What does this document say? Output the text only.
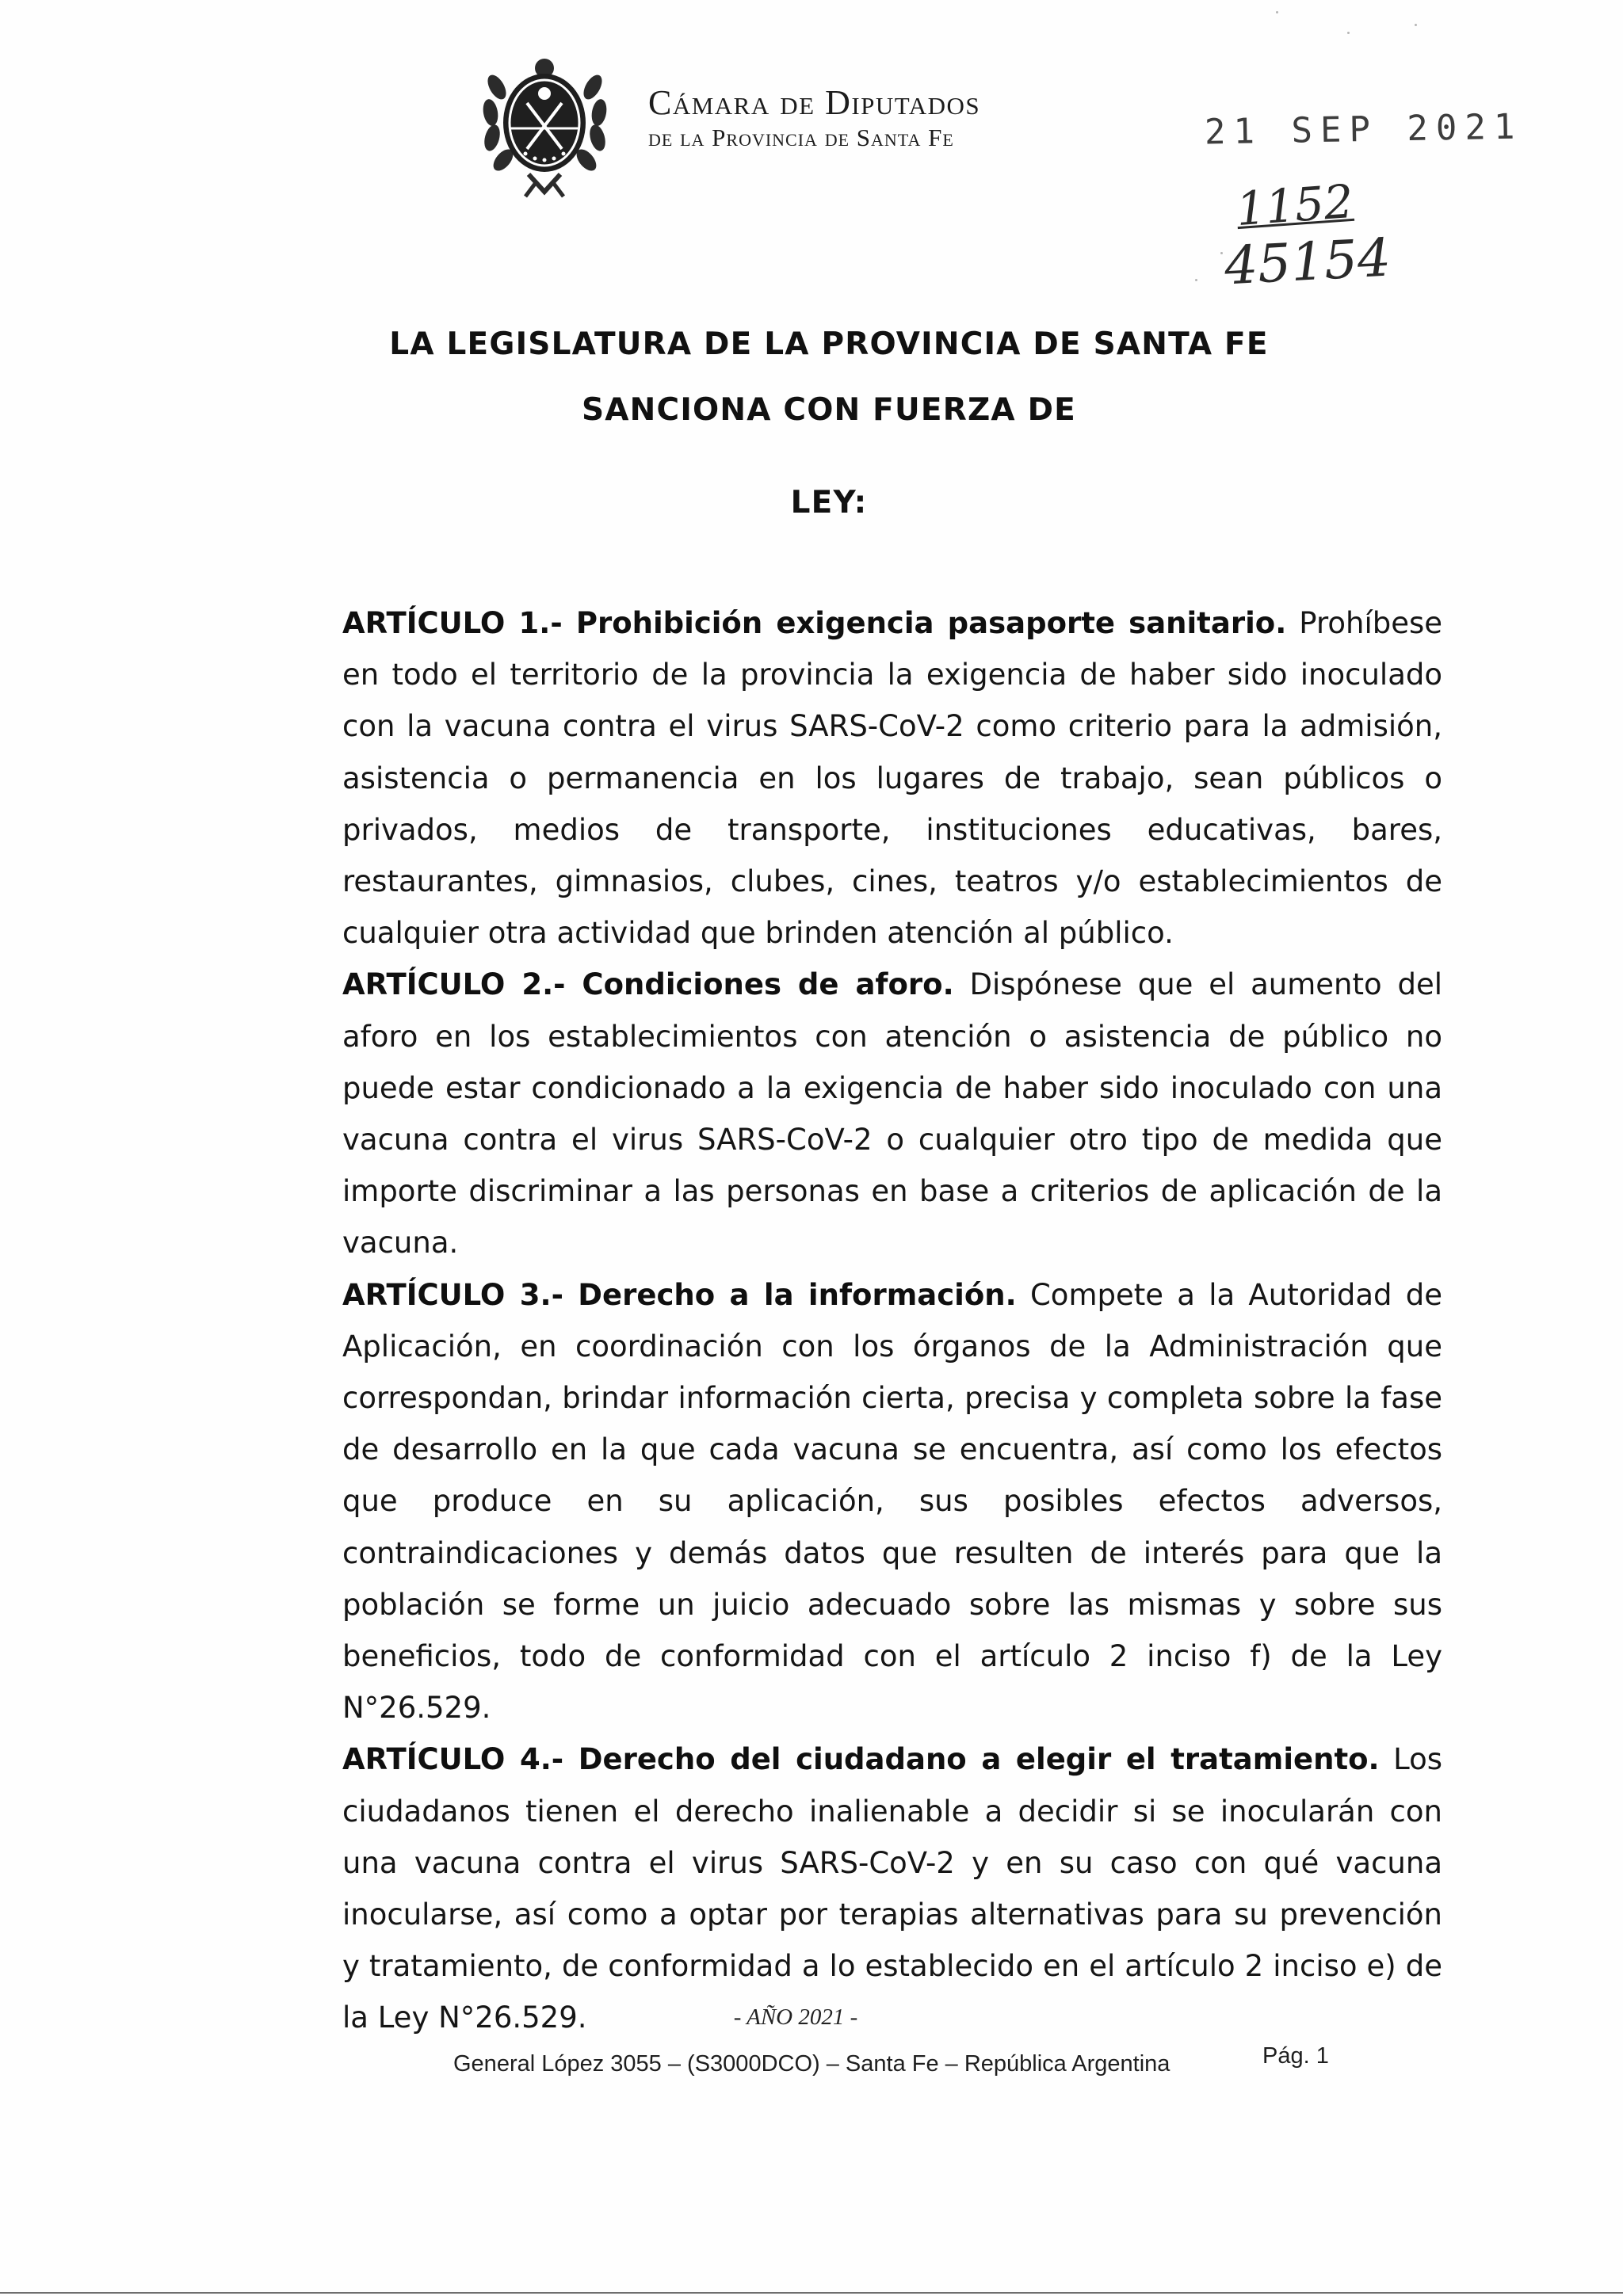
Cámara de Diputados
de la Provincia de Santa Fe	21 SEP 2021
1152
45154
LA LEGISLATURA DE LA PROVINCIA DE SANTA FE
SANCIONA CON FUERZA DE
LEY:

ARTÍCULO 1.- Prohibición exigencia pasaporte sanitario. Prohíbese en todo el territorio de la provincia la exigencia de haber sido inoculado con la vacuna contra el virus SARS-CoV-2 como criterio para la admisión, asistencia o permanencia en los lugares de trabajo, sean públicos o privados, medios de transporte, instituciones educativas, bares, restaurantes, gimnasios, clubes, cines, teatros y/o establecimientos de cualquier otra actividad que brinden atención al público.

ARTÍCULO 2.- Condiciones de aforo. Dispónese que el aumento del aforo en los establecimientos con atención o asistencia de público no puede estar condicionado a la exigencia de haber sido inoculado con una vacuna contra el virus SARS-CoV-2 o cualquier otro tipo de medida que importe discriminar a las personas en base a criterios de aplicación de la vacuna.

ARTÍCULO 3.- Derecho a la información. Compete a la Autoridad de Aplicación, en coordinación con los órganos de la Administración que correspondan, brindar información cierta, precisa y completa sobre la fase de desarrollo en la que cada vacuna se encuentra, así como los efectos que produce en su aplicación, sus posibles efectos adversos, contraindicaciones y demás datos que resulten de interés para que la población se forme un juicio adecuado sobre las mismas y sobre sus beneficios, todo de conformidad con el artículo 2 inciso f) de la Ley N°26.529.

ARTÍCULO 4.- Derecho del ciudadano a elegir el tratamiento. Los ciudadanos tienen el derecho inalienable a decidir si se inocularán con una vacuna contra el virus SARS-CoV-2 y en su caso con qué vacuna inocularse, así como a optar por terapias alternativas para su prevención y tratamiento, de conformidad a lo establecido en el artículo 2 inciso e) de la Ley N°26.529.	- AÑO 2021 -
General López 3055 – (S3000DCO) – Santa Fe – República Argentina	Pág. 1
